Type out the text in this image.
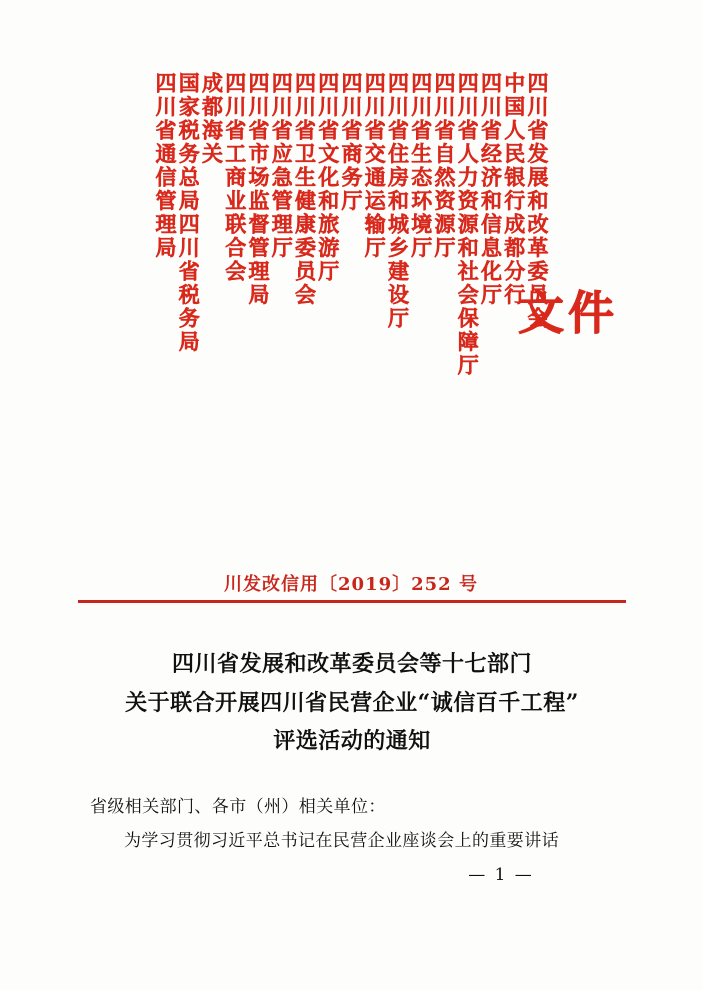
四川省发展和改革委员会
中国人民银行成都分行
四川省经济和信息化厅
四川省人力资源和社会保障厅
四川省自然资源厅
四川省生态环境厅
四川省住房和城乡建设厅
四川省交通运输厅
四川省商务厅
四川省文化和旅游厅
四川省卫生健康委员会
四川省应急管理厅
四川省市场监督管理局
四川省工商业联合会
成都海关
国家税务总局四川省税务局
四川省通信管理局
文件
川发改信用〔2019〕252 号
四川省发展和改革委员会等十七部门
关于联合开展四川省民营企业“诚信百千工程”
评选活动的通知
省级相关部门、各市（州）相关单位：
为学习贯彻习近平总书记在民营企业座谈会上的重要讲话
— 1 —
